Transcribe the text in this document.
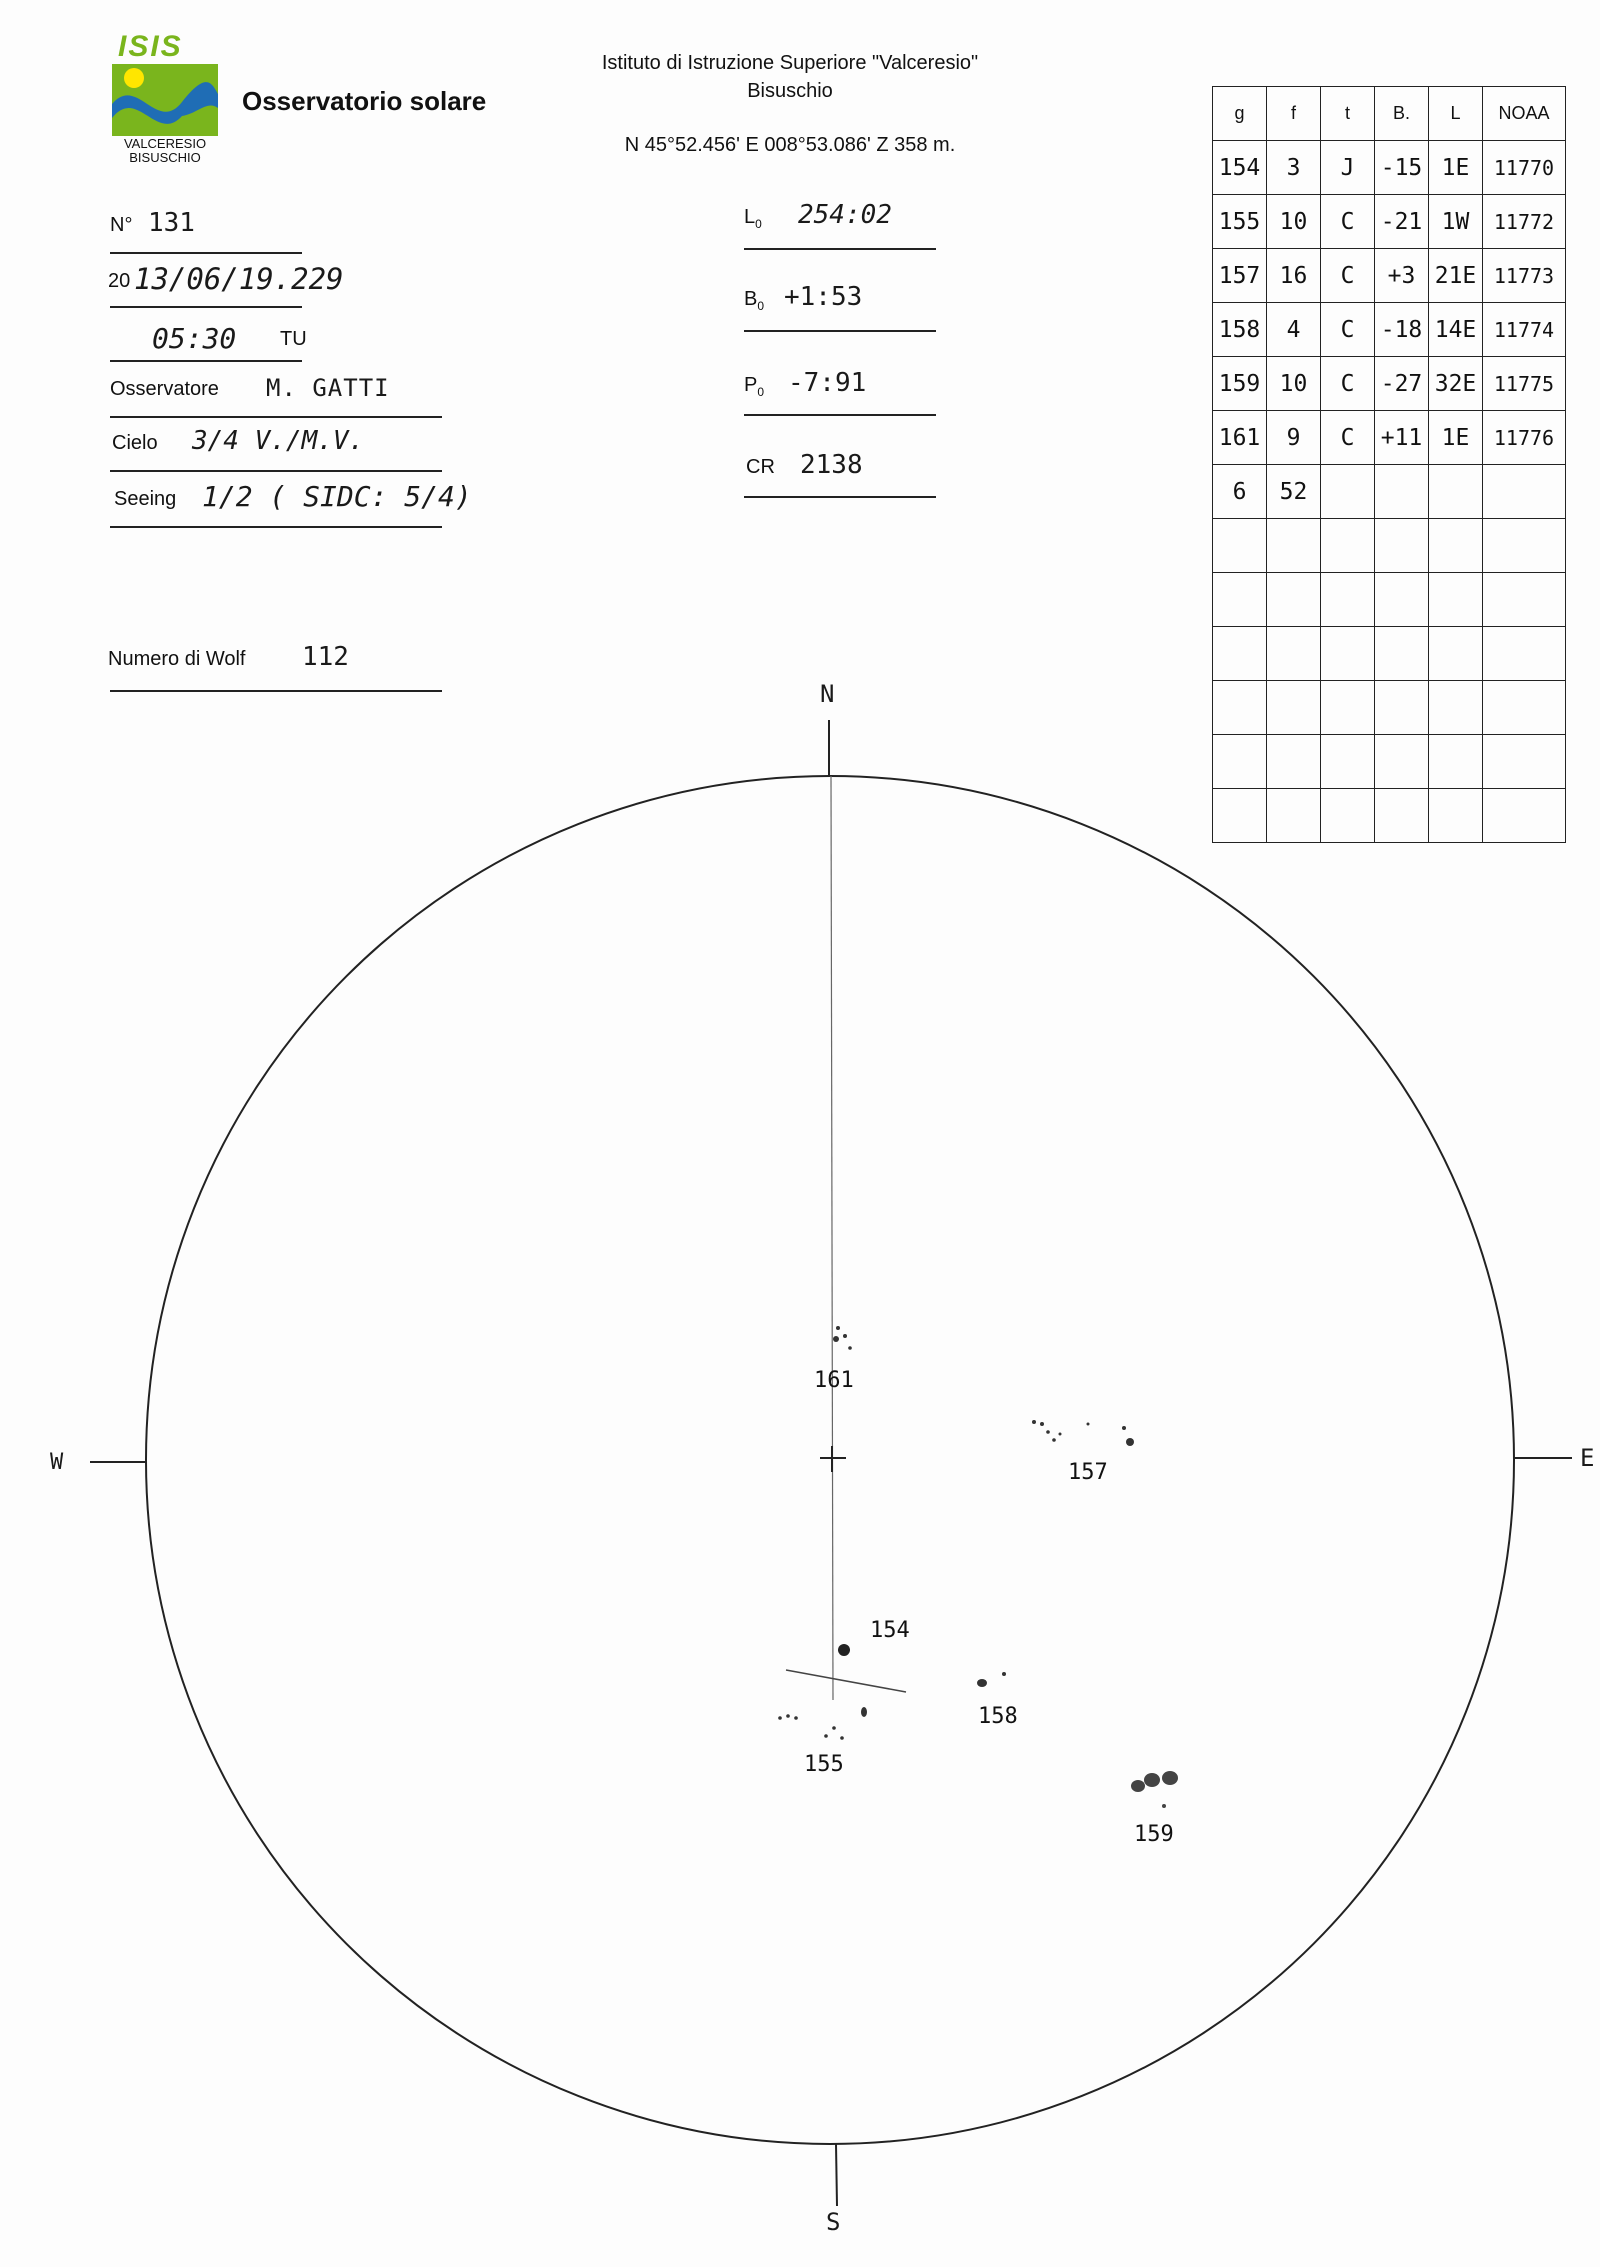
ISIS
VALCERESIO
BISUSCHIO
Osservatorio solare
Istituto di Istruzione Superiore "Valceresio"
Bisuschio
N 45°52.456' E 008°53.086' Z 358 m.
N° 131
20 13/06/19.229
05:30 TU
Osservatore M. GATTI
Cielo 3/4 V./M.V.
Seeing 1/2 ( SIDC: 5/4)
Numero di Wolf 112
$L_0$ 254:02
$B_0$ +1:53
$P_0$ -7:91
CR 2138
g	f	t	B.	L	NOAA
154	3	J	-15	1E	11770
155	10	C	-21	1W	11772
157	16	C	+3	21E	11773
158	4	C	-18	14E	11774
159	10	C	-27	32E	11775
161	9	C	+11	1E	11776
6	52				

N
S
E
W
161
157
154
158
155
159
